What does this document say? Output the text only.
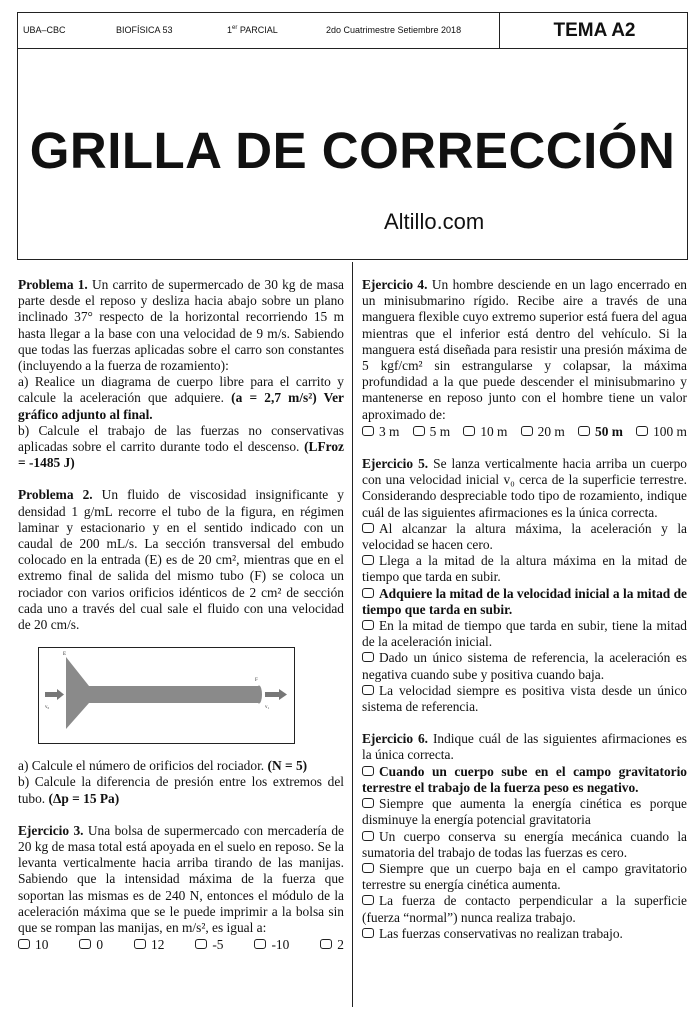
UBA–CBC	BIOFÍSICA 53	1er PARCIAL	2do Cuatrimestre Setiembre 2018	TEMA A2
GRILLA DE CORRECCIÓN
Altillo.com

Problema 1. Un carrito de supermercado de 30 kg de masa parte desde el reposo y desliza hacia abajo sobre un plano inclinado 37° respecto de la horizontal recorriendo 15 m hasta llegar a la base con una velocidad de 9 m/s. Sabiendo que todas las fuerzas aplicadas sobre el carro son constantes (incluyendo a la fuerza de rozamiento):

a) Realice un diagrama de cuerpo libre para el carrito y calcule la aceleración que adquiere. (a = 2,7 m/s²) Ver gráfico adjunto al final.

b) Calcule el trabajo de las fuerzas no conservativas aplicadas sobre el carrito durante todo el descenso. (LFroz = -1485 J)

Problema 2. Un fluido de viscosidad insignificante y densidad 1 g/mL recorre el tubo de la figura, en régimen laminar y estacionario y en el sentido indicado con un caudal de 200 mL/s. La sección transversal del embudo colocado en la entrada (E) es de 20 cm², mientras que en el extremo final de salida del mismo tubo (F) se coloca un rociador con varios orificios idénticos de 2 cm² de sección cada uno a través del cual sale el fluido con una velocidad de 20 cm/s.

E
F
v₀	v₁

a) Calcule el número de orificios del rociador. (N = 5)

b) Calcule la diferencia de presión entre los extremos del tubo. (Δp = 15 Pa)

Ejercicio 3. Una bolsa de supermercado con mercadería de 20 kg de masa total está apoyada en el suelo en reposo. Se la levanta verticalmente hacia arriba tirando de las manijas. Sabiendo que la intensidad máxima de la fuerza que soportan las mismas es de 240 N, entonces el módulo de la aceleración máxima que se le puede imprimir a la bolsa sin que se rompan las manijas, en m/s², es igual a:

10	0	12	-5	-10	2

Ejercicio 4. Un hombre desciende en un lago encerrado en un minisubmarino rígido. Recibe aire a través de una manguera flexible cuyo extremo superior está fuera del agua mientras que el inferior está dentro del vehículo. Si la manguera está diseñada para resistir una presión máxima de 5 kgf/cm² sin estrangularse y colapsar, la máxima profundidad a la que puede descender el minisubmarino y mantenerse en reposo junto con el hombre tiene un valor aproximado de:

3 m	5 m	10 m	20 m	50 m	100 m

Ejercicio 5. Se lanza verticalmente hacia arriba un cuerpo con una velocidad inicial v₀ cerca de la superficie terrestre. Considerando despreciable todo tipo de rozamiento, indique cuál de las siguientes afirmaciones es la única correcta.

Al alcanzar la altura máxima, la aceleración y la velocidad se hacen cero.

Llega a la mitad de la altura máxima en la mitad de tiempo que tarda en subir.

Adquiere la mitad de la velocidad inicial a la mitad de tiempo que tarda en subir.

En la mitad de tiempo que tarda en subir, tiene la mitad de la aceleración inicial.

Dado un único sistema de referencia, la aceleración es negativa cuando sube y positiva cuando baja.

La velocidad siempre es positiva vista desde un único sistema de referencia.

Ejercicio 6. Indique cuál de las siguientes afirmaciones es la única correcta.

Cuando un cuerpo sube en el campo gravitatorio terrestre el trabajo de la fuerza peso es negativo.

Siempre que aumenta la energía cinética es porque disminuye la energía potencial gravitatoria

Un cuerpo conserva su energía mecánica cuando la sumatoria del trabajo de todas las fuerzas es cero.

Siempre que un cuerpo baja en el campo gravitatorio terrestre su energía cinética aumenta.

La fuerza de contacto perpendicular a la superficie (fuerza “normal”) nunca realiza trabajo.

Las fuerzas conservativas no realizan trabajo.
